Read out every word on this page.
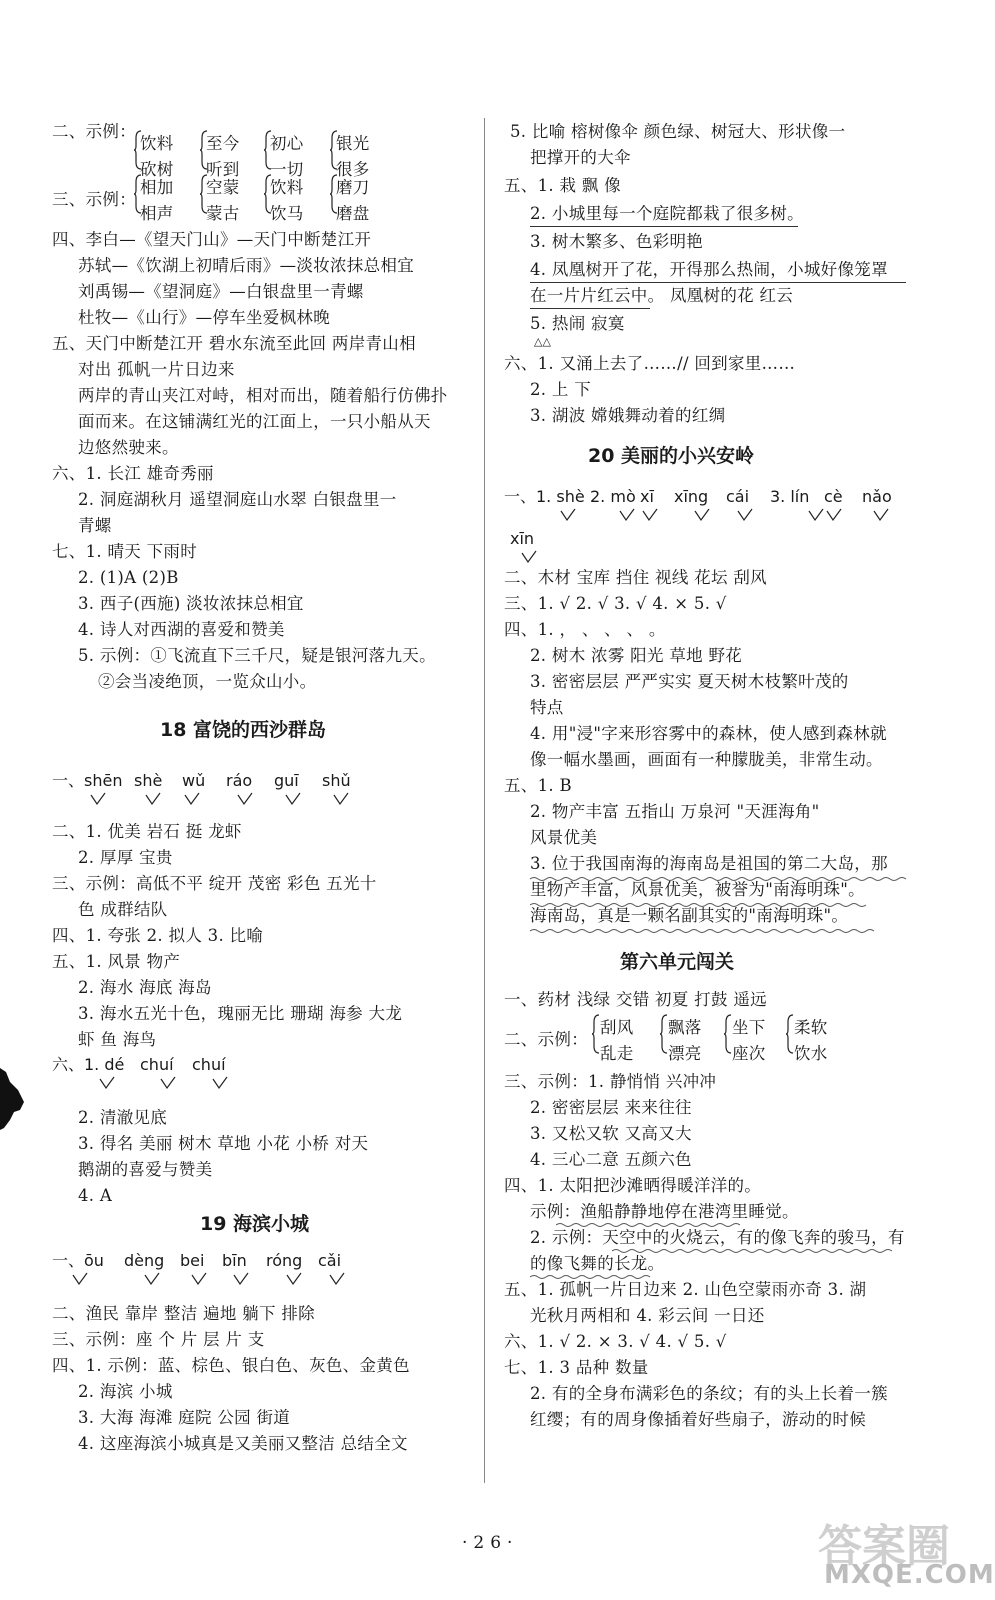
二、示例：
饮料 至今 初心 银光
砍树 听到 一切 很多
三、示例：
相加 空蒙 饮料 磨刀
相声 蒙古 饮马 磨盘
四、李白—《望天门山》—天门中断楚江开
苏轼—《饮湖上初晴后雨》—淡妆浓抹总相宜
刘禹锡—《望洞庭》—白银盘里一青螺
杜牧—《山行》—停车坐爱枫林晚
五、天门中断楚江开 碧水东流至此回 两岸青山相
对出 孤帆一片日边来
两岸的青山夹江对峙，相对而出，随着船行仿佛扑
面而来。在这铺满红光的江面上，一只小船从天
边悠然驶来。
六、1. 长江 雄奇秀丽
2. 洞庭湖秋月 遥望洞庭山水翠 白银盘里一
青螺
七、1. 晴天 下雨时
2. (1)A (2)B
3. 西子(西施) 淡妆浓抹总相宜
4. 诗人对西湖的喜爱和赞美
5. 示例：①飞流直下三千尺，疑是银河落九天。
②会当凌绝顶，一览众山小。
二、1. 优美 岩石 挺 龙虾
2. 厚厚 宝贵
三、示例：高低不平 绽开 茂密 彩色 五光十
色 成群结队
四、1. 夸张 2. 拟人 3. 比喻
五、1. 风景 物产
2. 海水 海底 海岛
3. 海水五光十色，瑰丽无比 珊瑚 海参 大龙
虾 鱼 海鸟
2. 清澈见底
3. 得名 美丽 树木 草地 小花 小桥 对天
鹅湖的喜爱与赞美
4. A
二、渔民 靠岸 整洁 遍地 躺下 排除
三、示例：座 个 片 层 片 支
四、1. 示例：蓝、棕色、银白色、灰色、金黄色
2. 海滨 小城
3. 大海 海滩 庭院 公园 街道
4. 这座海滨小城真是又美丽又整洁 总结全文
18 富饶的西沙群岛
19 海滨小城
一、shēn shè wǔ ráo guī shǔ
六、1. dé chuí chuí
一、ōu dèng bei bīn róng cǎi
5. 比喻 榕树像伞 颜色绿、树冠大、形状像一
把撑开的大伞
五、1. 栽 飘 像
2. 小城里每一个庭院都栽了很多树。
3. 树木繁多、色彩明艳
4. 凤凰树开了花，开得那么热闹，小城好像笼罩
在一片片红云中。 凤凰树的花 红云
5. 热闹 寂寞
六、1. 又涌上去了……// 回到家里……
2. 上 下
3. 湖波 嫦娥舞动着的红绸
二、木材 宝库 挡住 视线 花坛 刮风
三、1. √ 2. √ 3. √ 4. × 5. √
四、1. ， 、 、 、 。
2. 树木 浓雾 阳光 草地 野花
3. 密密层层 严严实实 夏天树木枝繁叶茂的
特点
4. 用"浸"字来形容雾中的森林，使人感到森林就
像一幅水墨画，画面有一种朦胧美，非常生动。
五、1. B
2. 物产丰富 五指山 万泉河 "天涯海角"
风景优美
3. 位于我国南海的海南岛是祖国的第二大岛，那
里物产丰富，风景优美，被誉为"南海明珠"。
海南岛，真是一颗名副其实的"南海明珠"。
一、药材 浅绿 交错 初夏 打鼓 遥远
二、示例：
刮风 飘落 坐下 柔软
乱走 漂亮 座次 饮水
三、示例：1. 静悄悄 兴冲冲
2. 密密层层 来来往往
3. 又松又软 又高又大
4. 三心二意 五颜六色
四、1. 太阳把沙滩晒得暖洋洋的。
示例：渔船静静地停在港湾里睡觉。
2. 示例：天空中的火烧云，有的像飞奔的骏马，有
的像飞舞的长龙。
五、1. 孤帆一片日边来 2. 山色空蒙雨亦奇 3. 湖
光秋月两相和 4. 彩云间 一日还
六、1. √ 2. × 3. √ 4. √ 5. √
七、1. 3 品种 数量
2. 有的全身布满彩色的条纹；有的头上长着一簇
红缨；有的周身像插着好些扇子，游动的时候
20 美丽的小兴安岭
第六单元闯关
一、1. shè 2. mò xī xīng cái 3. lín cè nǎo
xīn
△△
·26·	答案圈
MXQE.COM
